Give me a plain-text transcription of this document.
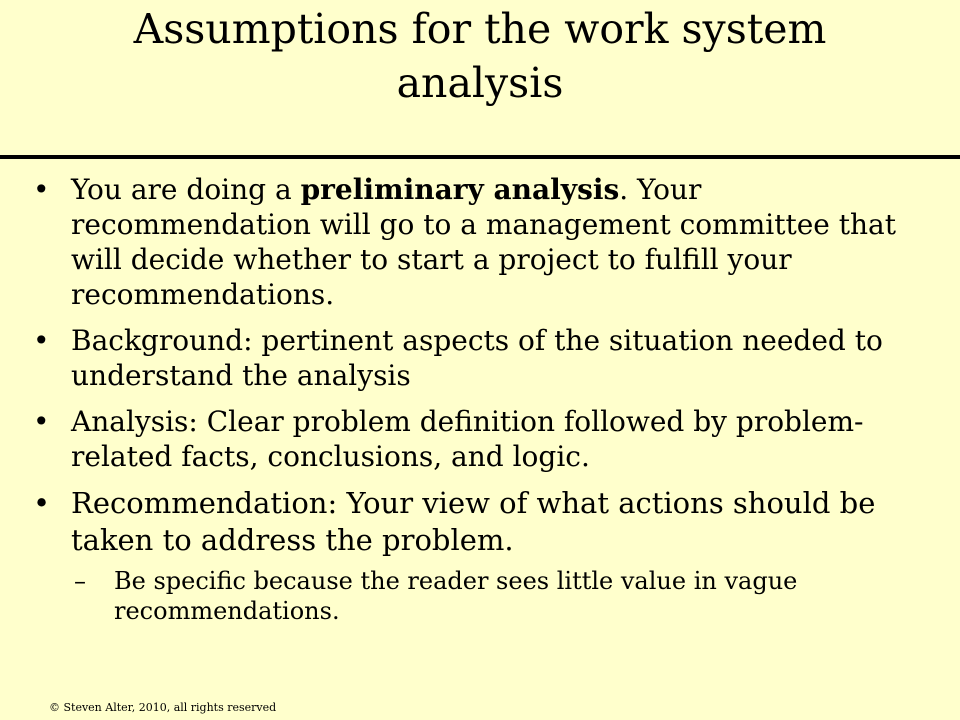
Assumptions for the work system
analysis
• You are doing a preliminary analysis. Your recommendation will go to a management committee that will decide whether to start a project to fulfill your recommendations.
• Background: pertinent aspects of the situation needed to understand the analysis
• Analysis: Clear problem definition followed by problem-related facts, conclusions, and logic.
• Recommendation: Your view of what actions should be taken to address the problem.
–	Be specific because the reader sees little value in vague recommendations.
© Steven Alter, 2010, all rights reserved
